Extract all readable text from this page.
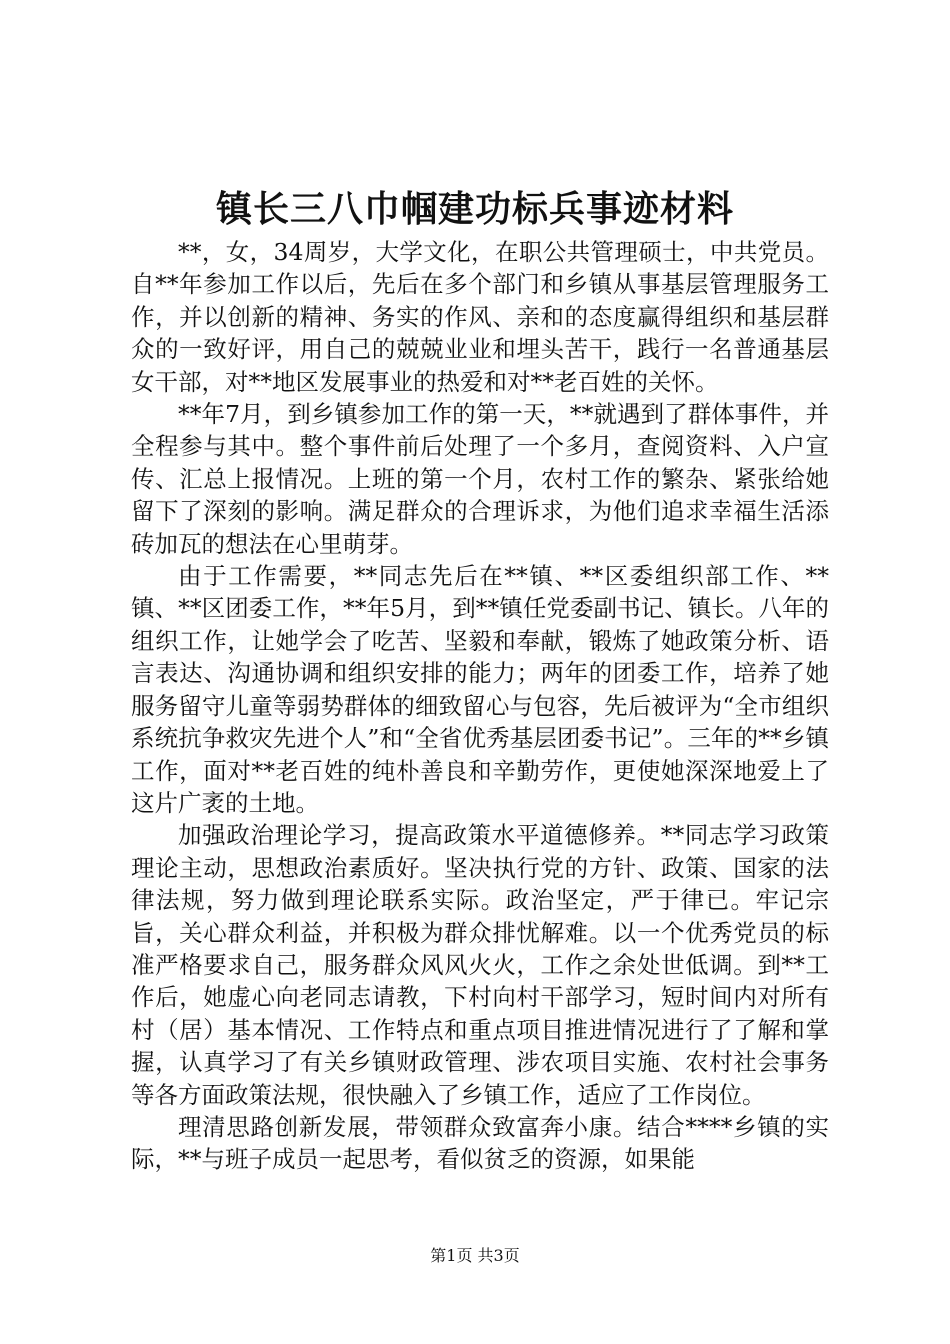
镇长三八巾帼建功标兵事迹材料

**，女，34周岁，大学文化，在职公共管理硕士，中共党员。自**年参加工作以后，先后在多个部门和乡镇从事基层管理服务工作，并以创新的精神、务实的作风、亲和的态度赢得组织和基层群众的一致好评，用自己的兢兢业业和埋头苦干，践行一名普通基层女干部，对**地区发展事业的热爱和对**老百姓的关怀。

**年7月，到乡镇参加工作的第一天，**就遇到了群体事件，并全程参与其中。整个事件前后处理了一个多月，查阅资料、入户宣传、汇总上报情况。上班的第一个月，农村工作的繁杂、紧张给她留下了深刻的影响。满足群众的合理诉求，为他们追求幸福生活添砖加瓦的想法在心里萌芽。

由于工作需要，**同志先后在**镇、**区委组织部工作、**镇、**区团委工作，**年5月，到**镇任党委副书记、镇长。八年的组织工作，让她学会了吃苦、坚毅和奉献，锻炼了她政策分析、语言表达、沟通协调和组织安排的能力；两年的团委工作，培养了她服务留守儿童等弱势群体的细致留心与包容，先后被评为“全市组织系统抗争救灾先进个人”和“全省优秀基层团委书记”。三年的**乡镇工作，面对**老百姓的纯朴善良和辛勤劳作，更使她深深地爱上了这片广袤的土地。

加强政治理论学习，提高政策水平道德修养。**同志学习政策理论主动，思想政治素质好。坚决执行党的方针、政策、国家的法律法规，努力做到理论联系实际。政治坚定，严于律已。牢记宗旨，关心群众利益，并积极为群众排忧解难。以一个优秀党员的标准严格要求自己，服务群众风风火火，工作之余处世低调。到**工作后，她虚心向老同志请教，下村向村干部学习，短时间内对所有村（居）基本情况、工作特点和重点项目推进情况进行了了解和掌握，认真学习了有关乡镇财政管理、涉农项目实施、农村社会事务等各方面政策法规，很快融入了乡镇工作，适应了工作岗位。

理清思路创新发展，带领群众致富奔小康。结合****乡镇的实际，**与班子成员一起思考，看似贫乏的资源，如果能

第1页 共3页
